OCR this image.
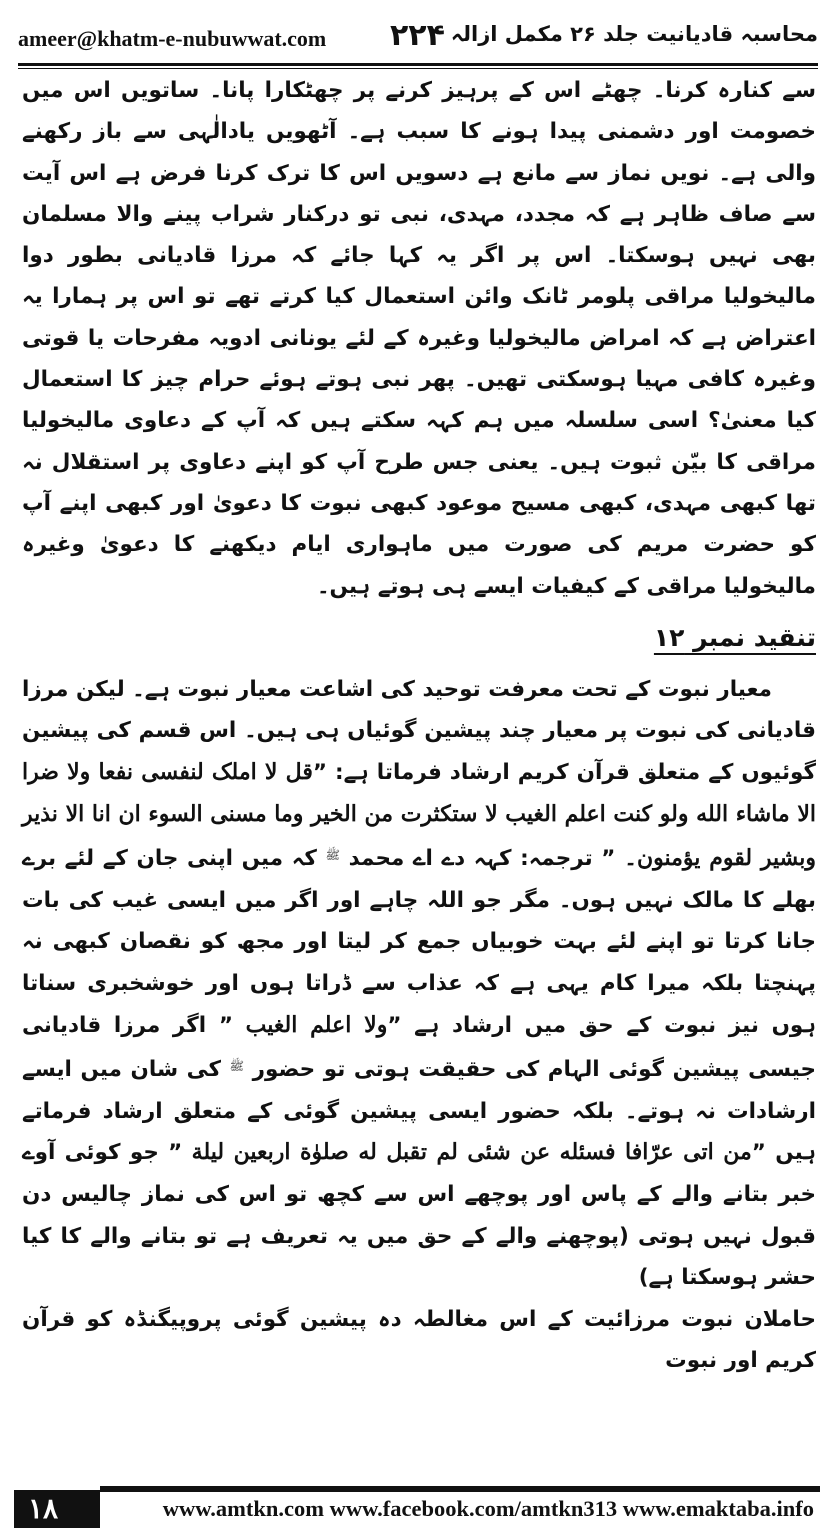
ameer@khatm-e-nubuwwat.com ۲۲۴ محاسبہ قادیانیت جلد ۲۶ مکمل ازالہ

سے کنارہ کرنا۔ چھٹے اس کے پرہیز کرنے پر چھٹکارا پانا۔ ساتویں اس میں خصومت اور دشمنی پیدا ہونے کا سبب ہے۔ آٹھویں یادالٰہی سے باز رکھنے والی ہے۔ نویں نماز سے مانع ہے دسویں اس کا ترک کرنا فرض ہے اس آیت سے صاف ظاہر ہے کہ مجدد، مہدی، نبی تو درکنار شراب پینے والا مسلمان بھی نہیں ہوسکتا۔ اس پر اگر یہ کہا جائے کہ مرزا قادیانی بطور دوا مالیخولیا مراقی پلومر ٹانک وائن استعمال کیا کرتے تھے تو اس پر ہمارا یہ اعتراض ہے کہ امراض مالیخولیا وغیرہ کے لئے یونانی ادویہ مفرحات یا قوتی وغیرہ کافی مہیا ہوسکتی تھیں۔ پھر نبی ہوتے ہوئے حرام چیز کا استعمال کیا معنیٰ؟ اسی سلسلہ میں ہم کہہ سکتے ہیں کہ آپ کے دعاوی مالیخولیا مراقی کا بیّن ثبوت ہیں۔ یعنی جس طرح آپ کو اپنے دعاوی پر استقلال نہ تھا کبھی مہدی، کبھی مسیح موعود کبھی نبوت کا دعویٰ اور کبھی اپنے آپ کو حضرت مریم کی صورت میں ماہواری ایام دیکھنے کا دعویٰ وغیرہ مالیخولیا مراقی کے کیفیات ایسے ہی ہوتے ہیں۔

تنقید نمبر ۱۲

معیار نبوت کے تحت معرفت توحید کی اشاعت معیار نبوت ہے۔ لیکن مرزا قادیانی کی نبوت پر معیار چند پیشین گوئیاں ہی ہیں۔ اس قسم کی پیشین گوئیوں کے متعلق قرآن کریم ارشاد فرماتا ہے: ”قل لا املک لنفسی نفعا ولا ضرا الا ماشاء الله ولو کنت اعلم الغیب لا ستکثرت من الخیر وما مسنی السوء ان انا الا نذیر وبشیر لقوم یؤمنون۔ ” ترجمہ: کہہ دے اے محمد $^ﷺ$ کہ میں اپنی جان کے لئے برے بھلے کا مالک نہیں ہوں۔ مگر جو اللہ چاہے اور اگر میں ایسی غیب کی بات جانا کرتا تو اپنے لئے بہت خوبیاں جمع کر لیتا اور مجھ کو نقصان کبھی نہ پہنچتا بلکہ میرا کام یہی ہے کہ عذاب سے ڈراتا ہوں اور خوشخبری سناتا ہوں نیز نبوت کے حق میں ارشاد ہے ”ولا اعلم الغیب ” اگر مرزا قادیانی جیسی پیشین گوئی الہام کی حقیقت ہوتی تو حضور $^ﷺ$ کی شان میں ایسے ارشادات نہ ہوتے۔ بلکہ حضور ایسی پیشین گوئی کے متعلق ارشاد فرماتے ہیں ”من اتی عرّافا فسئله عن شئی لم تقبل له صلوٰة اربعین لیلة ” جو کوئی آوے خبر بتانے والے کے پاس اور پوچھے اس سے کچھ تو اس کی نماز چالیس دن قبول نہیں ہوتی (پوچھنے والے کے حق میں یہ تعریف ہے تو بتانے والے کا کیا حشر ہوسکتا ہے)

حاملان نبوت مرزائیت کے اس مغالطہ دہ پیشین گوئی پروپیگنڈہ کو قرآن کریم اور نبوت

۱۸	www.amtkn.com www.facebook.com/amtkn313 www.emaktaba.info
